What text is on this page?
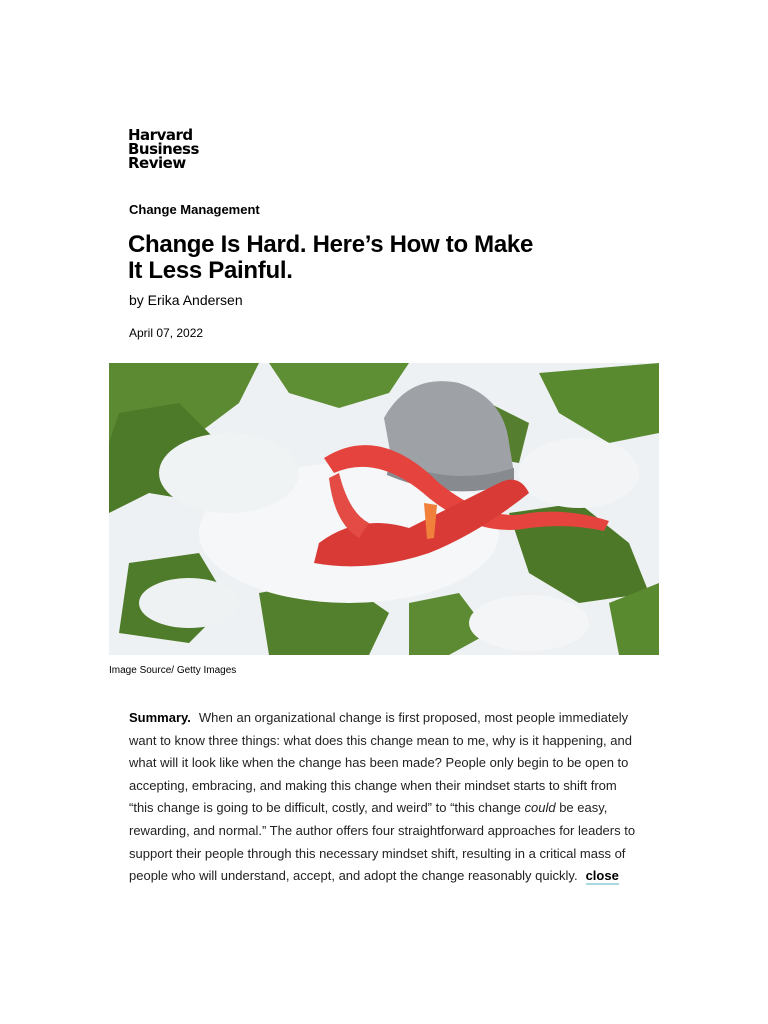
Harvard
Business
Review
Change Management
Change Is Hard. Here’s How to Make It Less Painful.
by Erika Andersen
April 07, 2022
Image Source/ Getty Images

Summary. When an organizational change is first proposed, most people immediately want to know three things: what does this change mean to me, why is it happening, and what will it look like when the change has been made? People only begin to be open to accepting, embracing, and making this change when their mindset starts to shift from “this change is going to be difficult, costly, and weird” to “this change could be easy, rewarding, and normal.” The author offers four straightforward approaches for leaders to support their people through this necessary mindset shift, resulting in a critical mass of people who will understand, accept, and adopt the change reasonably quickly. close
